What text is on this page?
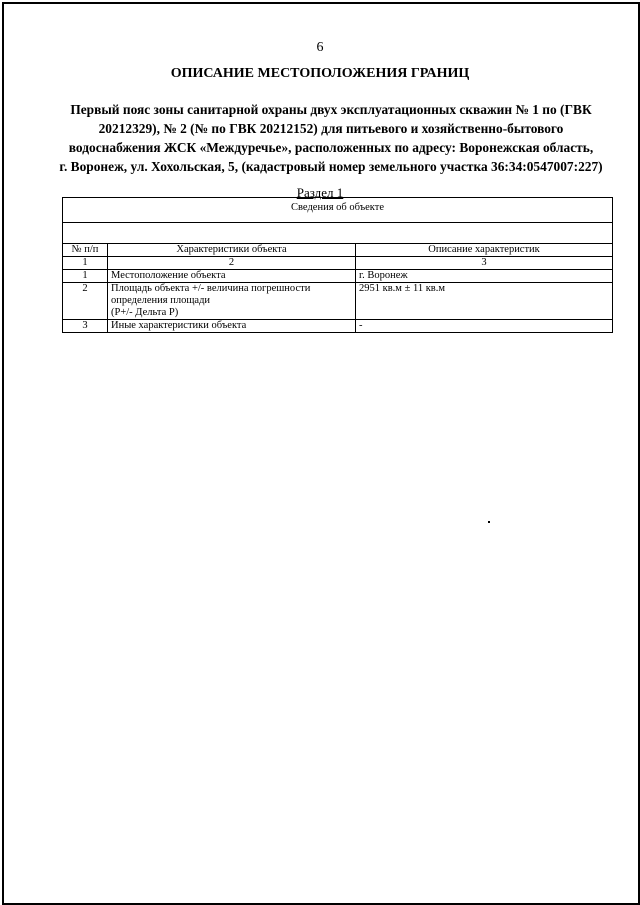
6
ОПИСАНИЕ МЕСТОПОЛОЖЕНИЯ ГРАНИЦ
Первый пояс зоны санитарной охраны двух эксплуатационных скважин № 1 по (ГВК
20212329), № 2 (№ по ГВК 20212152) для питьевого и хозяйственно-бытового
водоснабжения ЖСК «Междуречье», расположенных по адресу: Воронежская область,
г. Воронеж, ул. Хохольская, 5, (кадастровый номер земельного участка 36:34:0547007:227)
Раздел 1
Сведения об объекте		

№ п/п	Характеристики объекта	Описание характеристик
1	2	3
1	Местоположение объекта	г. Воронеж
2	Площадь объекта +/- величина погрешности
определения площади
(Р+/- Дельта Р)	2951 кв.м ± 11 кв.м
3	Иные характеристики объекта	-
